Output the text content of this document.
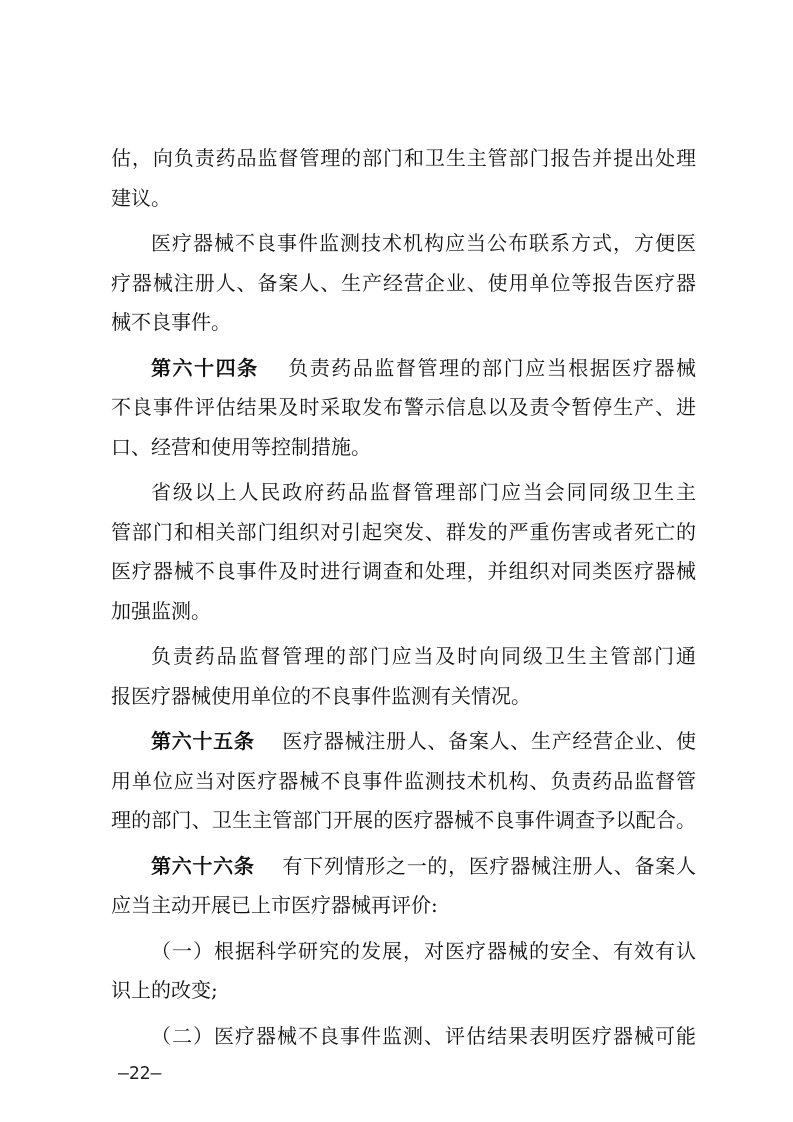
估，向负责药品监督管理的部门和卫生主管部门报告并提出处理
建议。
医疗器械不良事件监测技术机构应当公布联系方式，方便医
疗器械注册人、备案人、生产经营企业、使用单位等报告医疗器
械不良事件。
第六十四条　 负责药品监督管理的部门应当根据医疗器械
不良事件评估结果及时采取发布警示信息以及责令暂停生产、进
口、经营和使用等控制措施。
省级以上人民政府药品监督管理部门应当会同同级卫生主
管部门和相关部门组织对引起突发、群发的严重伤害或者死亡的
医疗器械不良事件及时进行调查和处理，并组织对同类医疗器械
加强监测。
负责药品监督管理的部门应当及时向同级卫生主管部门通
报医疗器械使用单位的不良事件监测有关情况。
第六十五条　 医疗器械注册人、备案人、生产经营企业、使
用单位应当对医疗器械不良事件监测技术机构、负责药品监督管
理的部门、卫生主管部门开展的医疗器械不良事件调查予以配合。
第六十六条　 有下列情形之一的，医疗器械注册人、备案人
应当主动开展已上市医疗器械再评价:
（一）根据科学研究的发展，对医疗器械的安全、有效有认
识上的改变;
（二）医疗器械不良事件监测、评估结果表明医疗器械可能
—22—
